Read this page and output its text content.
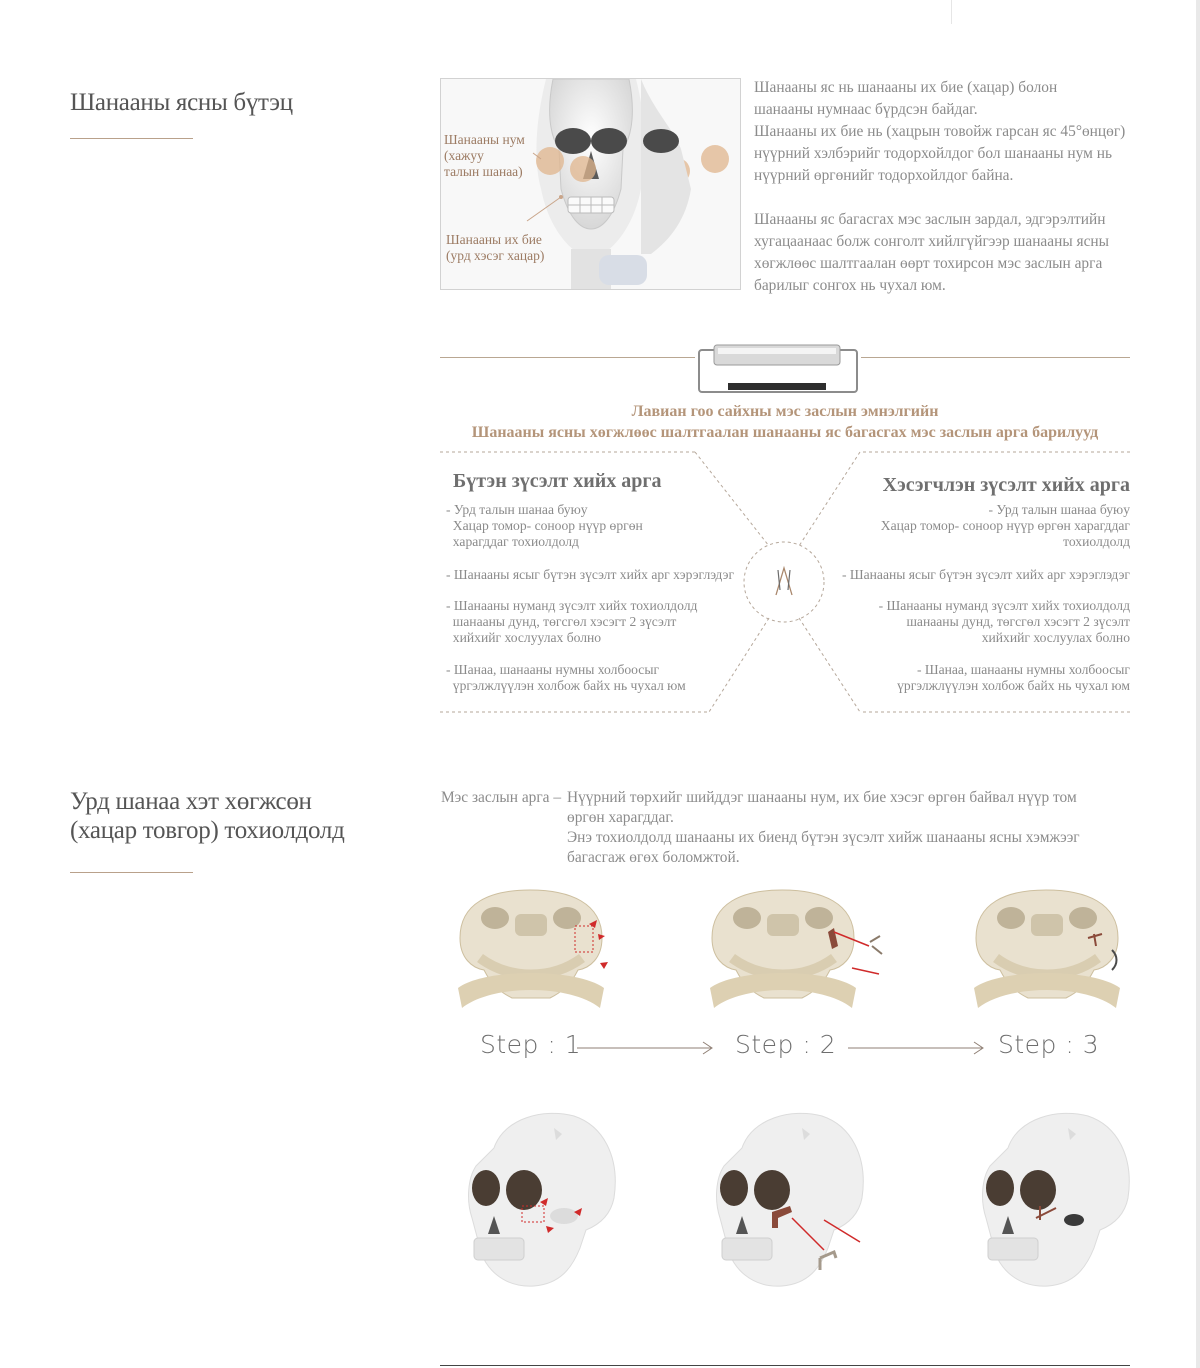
Шанааны ясны бүтэц
Шанааны нум
(хажуу
талын шанаа)
Шанааны их бие
(урд хэсэг хацар)
Шанааны яс нь шанааны их бие (хацар) болон
шанааны нумнаас бүрдсэн байдаг.
Шанааны их бие нь (хацрын товойж гарсан яс 45°өнцөг)
нүүрний хэлбэрийг тодорхойлдог бол шанааны нум нь
нүүрний өргөнийг тодорхойлдог байна.
Шанааны яс багасгах мэс заслын зардал, эдгэрэлтийн
хугацаанаас болж сонголт хийлгүйгээр шанааны ясны
хөгжлөөс шалтгаалан өөрт тохирсон мэс заслын арга
барилыг сонгох нь чухал юм.
Лавиан гоо сайхны мэс заслын эмнэлгийн
Шанааны ясны хөгжлөөс шалтгаалан шанааны яс багасгах мэс заслын арга барилууд
Бүтэн зүсэлт хийх арга
- Урд талын шанаа буюу
Хацар томор- соноор нүүр өргөн
харагддаг тохиолдолд
- Шанааны ясыг бүтэн зүсэлт хийх арг хэрэглэдэг
- Шанааны нуманд зүсэлт хийх тохиолдолд
шанааны дунд, төгсгөл хэсэгт 2 зүсэлт
хийхийг хослуулах болно
- Шанаа, шанааны нумны холбоосыг
үргэлжлүүлэн холбож байх нь чухал юм
Хэсэгчлэн зүсэлт хийх арга
- Урд талын шанаа буюу
Хацар томор- соноор нүүр өргөн харагддаг
тохиолдолд
- Шанааны ясыг бүтэн зүсэлт хийх арг хэрэглэдэг
- Шанааны нуманд зүсэлт хийх тохиолдолд
шанааны дунд, төгсгөл хэсэгт 2 зүсэлт
хийхийг хослуулах болно
- Шанаа, шанааны нумны холбоосыг
үргэлжлүүлэн холбож байх нь чухал юм
Урд шанаа хэт хөгжсөн
(хацар товгор) тохиолдолд
Мэс заслын арга – Нүүрний төрхийг шийддэг шанааны нум, их бие хэсэг өргөн байвал нүүр том
өргөн харагддаг.
Энэ тохиолдолд шанааны их биенд бүтэн зүсэлт хийж шанааны ясны хэмжээг
багасгаж өгөх боломжтой.
Step : 1	Step : 2	Step : 3
